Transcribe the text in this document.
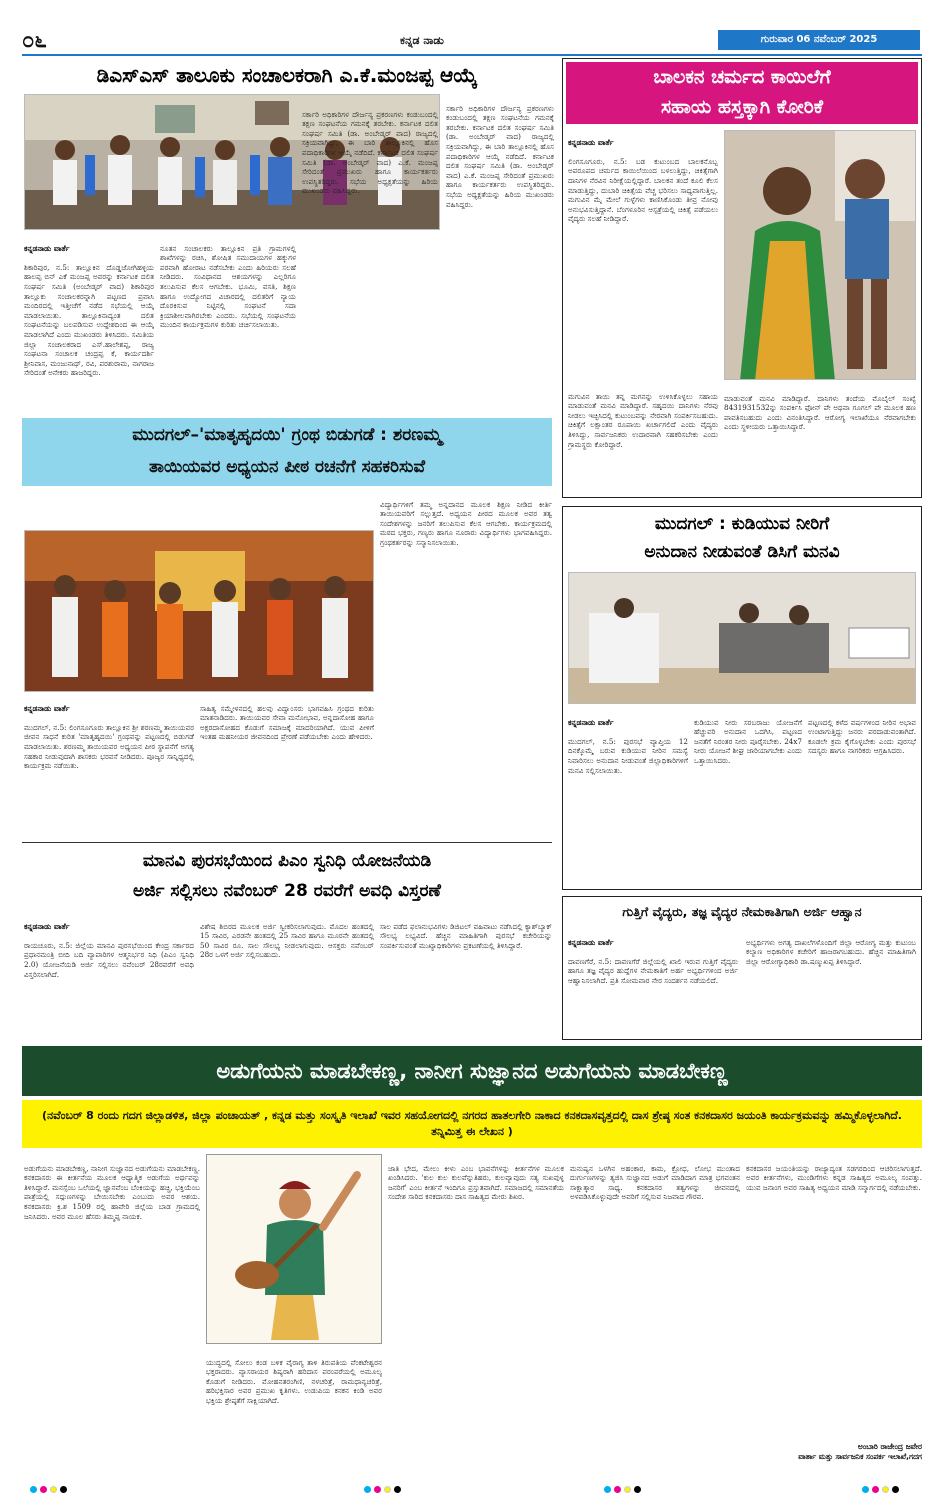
೦೬	ಕನ್ನಡ ನಾಡು	ಗುರುವಾರ 06 ನವೆಂಬರ್ 2025
ಡಿಎಸ್‌ಎಸ್ ತಾಲೂಕು ಸಂಚಾಲಕರಾಗಿ ಎ.ಕೆ.ಮಂಜಪ್ಪ ಆಯ್ಕೆ

ಕನ್ನಡನಾಡು ವಾರ್ತೆ

ಶಿಕಾರಿಪುರ, ನ.5: ತಾಲ್ಲೂಕಿನ ದೊಡ್ಡಜೋಗಿಹಳ್ಳಿಯ ಹಾಲಪ್ಪ ಬಿನ್ ಎಕೆ ಮಂಜಪ್ಪ ಅವರನ್ನು ಕರ್ನಾಟಕ ದಲಿತ ಸಂಘರ್ಷ ಸಮಿತಿ (ಅಂಬೇಡ್ಕರ್ ವಾದ) ಶಿಕಾರಿಪುರ ತಾಲ್ಲೂಕು ಸಂಚಾಲಕರನ್ನಾಗಿ ಪಟ್ಟಣದ ಪ್ರವಾಸಿ ಮಂದಿರದಲ್ಲಿ ಇತ್ತೀಚೆಗೆ ನಡೆದ ಸಭೆಯಲ್ಲಿ ಆಯ್ಕೆ ಮಾಡಲಾಯಿತು. ತಾಲ್ಲೂಕಿನಾದ್ಯಂತ ದಲಿತ ಸಂಘಟನೆಯನ್ನು ಬಲಪಡಿಸುವ ಉದ್ದೇಶದಿಂದ ಈ ಆಯ್ಕೆ ಮಾಡಲಾಗಿದೆ ಎಂದು ಮುಖಂಡರು ತಿಳಿಸಿದರು. ಸಮಿತಿಯ ಜಿಲ್ಲಾ ಸಂಚಾಲಕರಾದ ಎಸ್.ಹಾಲೇಶಪ್ಪ, ರಾಜ್ಯ ಸಂಘಟನಾ ಸಂಚಾಲಕ ಚಂದ್ರಪ್ಪ ಕೆ, ಕಾರ್ಯದರ್ಶಿ ಶ್ರೀನಿವಾಸ, ಮಂಜುನಾಥ್, ರವಿ, ಪರಶುರಾಮ, ನಾಗರಾಜ ಸೇರಿದಂತೆ ಅನೇಕರು ಹಾಜರಿದ್ದರು.

ನೂತನ ಸಂಚಾಲಕರು ತಾಲ್ಲೂಕಿನ ಪ್ರತಿ ಗ್ರಾಮಗಳಲ್ಲಿ ಶಾಖೆಗಳನ್ನು ರಚಿಸಿ, ಶೋಷಿತ ಸಮುದಾಯಗಳ ಹಕ್ಕುಗಳ ಪರವಾಗಿ ಹೋರಾಟ ನಡೆಸಬೇಕು ಎಂದು ಹಿರಿಯರು ಸಲಹೆ ನೀಡಿದರು. ಸಂವಿಧಾನದ ಆಶಯಗಳನ್ನು ಎಲ್ಲರಿಗೂ ತಲುಪಿಸುವ ಕೆಲಸ ಆಗಬೇಕು. ಭೂಮಿ, ವಸತಿ, ಶಿಕ್ಷಣ ಹಾಗೂ ಉದ್ಯೋಗದ ವಿಚಾರದಲ್ಲಿ ದಲಿತರಿಗೆ ನ್ಯಾಯ ದೊರಕಿಸುವ ನಿಟ್ಟಿನಲ್ಲಿ ಸಂಘಟನೆ ಸದಾ ಕ್ರಿಯಾಶೀಲವಾಗಿರಬೇಕು ಎಂದರು. ಸಭೆಯಲ್ಲಿ ಸಂಘಟನೆಯ ಮುಂದಿನ ಕಾರ್ಯಕ್ರಮಗಳ ಕುರಿತು ಚರ್ಚಿಸಲಾಯಿತು.

ಸರ್ಕಾರಿ ಅಧಿಕಾರಿಗಳ ದೌರ್ಜನ್ಯ ಪ್ರಕರಣಗಳು ಕಂಡುಬಂದಲ್ಲಿ ತಕ್ಷಣ ಸಂಘಟನೆಯ ಗಮನಕ್ಕೆ ತರಬೇಕು. ಕರ್ನಾಟಕ ದಲಿತ ಸಂಘರ್ಷ ಸಮಿತಿ (ಡಾ. ಅಂಬೇಡ್ಕರ್ ವಾದ) ರಾಜ್ಯದಲ್ಲಿ ಸಕ್ರಿಯವಾಗಿದ್ದು, ಈ ಬಾರಿ ತಾಲ್ಲೂಕಿನಲ್ಲಿ ಹೊಸ ಪದಾಧಿಕಾರಿಗಳ ಆಯ್ಕೆ ನಡೆದಿದೆ. ಕರ್ನಾಟಕ ದಲಿತ ಸಂಘರ್ಷ ಸಮಿತಿ (ಡಾ. ಅಂಬೇಡ್ಕರ್ ವಾದ) ಎ.ಕೆ. ಮಂಜಪ್ಪ ಸೇರಿದಂತೆ ಪ್ರಮುಖರು ಹಾಗೂ ಕಾರ್ಯಕರ್ತರು ಉಪಸ್ಥಿತರಿದ್ದರು. ಸಭೆಯ ಅಧ್ಯಕ್ಷತೆಯನ್ನು ಹಿರಿಯ ಮುಖಂಡರು ವಹಿಸಿದ್ದರು.

ಸರ್ಕಾರಿ ಅಧಿಕಾರಿಗಳ ದೌರ್ಜನ್ಯ ಪ್ರಕರಣಗಳು ಕಂಡುಬಂದಲ್ಲಿ ತಕ್ಷಣ ಸಂಘಟನೆಯ ಗಮನಕ್ಕೆ ತರಬೇಕು. ಕರ್ನಾಟಕ ದಲಿತ ಸಂಘರ್ಷ ಸಮಿತಿ (ಡಾ. ಅಂಬೇಡ್ಕರ್ ವಾದ) ರಾಜ್ಯದಲ್ಲಿ ಸಕ್ರಿಯವಾಗಿದ್ದು, ಈ ಬಾರಿ ತಾಲ್ಲೂಕಿನಲ್ಲಿ ಹೊಸ ಪದಾಧಿಕಾರಿಗಳ ಆಯ್ಕೆ ನಡೆದಿದೆ. ಕರ್ನಾಟಕ ದಲಿತ ಸಂಘರ್ಷ ಸಮಿತಿ (ಡಾ. ಅಂಬೇಡ್ಕರ್ ವಾದ) ಎ.ಕೆ. ಮಂಜಪ್ಪ ಸೇರಿದಂತೆ ಪ್ರಮುಖರು ಹಾಗೂ ಕಾರ್ಯಕರ್ತರು ಉಪಸ್ಥಿತರಿದ್ದರು. ಸಭೆಯ ಅಧ್ಯಕ್ಷತೆಯನ್ನು ಹಿರಿಯ ಮುಖಂಡರು ವಹಿಸಿದ್ದರು.

ಬಾಲಕನ ಚರ್ಮದ ಕಾಯಿಲೆಗೆ
ಸಹಾಯ ಹಸ್ತಕ್ಕಾಗಿ ಕೋರಿಕೆ

ಕನ್ನಡನಾಡು ವಾರ್ತೆ

ಲಿಂಗಸೂಗೂರು, ನ.5: ಬಡ ಕುಟುಂಬದ ಬಾಲಕನೊಬ್ಬ ಅಪರೂಪದ ಚರ್ಮದ ಕಾಯಿಲೆಯಿಂದ ಬಳಲುತ್ತಿದ್ದು, ಚಿಕಿತ್ಸೆಗಾಗಿ ದಾನಿಗಳ ನೆರವಿನ ನಿರೀಕ್ಷೆಯಲ್ಲಿದ್ದಾರೆ. ಬಾಲಕನ ತಂದೆ ಕೂಲಿ ಕೆಲಸ ಮಾಡುತ್ತಿದ್ದು, ದುಬಾರಿ ಚಿಕಿತ್ಸೆಯ ವೆಚ್ಚ ಭರಿಸಲು ಸಾಧ್ಯವಾಗುತ್ತಿಲ್ಲ. ಮಗುವಿನ ಮೈ ಮೇಲೆ ಗುಳ್ಳೆಗಳು ಕಾಣಿಸಿಕೊಂಡು ತೀವ್ರ ನೋವು ಅನುಭವಿಸುತ್ತಿದ್ದಾನೆ. ಬೆಂಗಳೂರಿನ ಆಸ್ಪತ್ರೆಯಲ್ಲಿ ಚಿಕಿತ್ಸೆ ಪಡೆಯಲು ವೈದ್ಯರು ಸಲಹೆ ನೀಡಿದ್ದಾರೆ.

ಮಗುವಿನ ತಾಯಿ ತನ್ನ ಮಗನನ್ನು ಉಳಿಸಿಕೊಳ್ಳಲು ಸಹಾಯ ಮಾಡುವಂತೆ ಮನವಿ ಮಾಡಿದ್ದಾರೆ. ಸಹೃದಯಿ ದಾನಿಗಳು ನೆರವು ನೀಡಲು ಇಚ್ಛಿಸಿದಲ್ಲಿ ಕುಟುಂಬವನ್ನು ನೇರವಾಗಿ ಸಂಪರ್ಕಿಸಬಹುದು. ಚಿಕಿತ್ಸೆಗೆ ಲಕ್ಷಾಂತರ ರೂಪಾಯಿ ಖರ್ಚಾಗಲಿದೆ ಎಂದು ವೈದ್ಯರು ತಿಳಿಸಿದ್ದು, ಸಾರ್ವಜನಿಕರು ಉದಾರವಾಗಿ ಸಹಕರಿಸಬೇಕು ಎಂದು ಗ್ರಾಮಸ್ಥರು ಕೋರಿದ್ದಾರೆ.

ಮಾಡುವಂತೆ ಮನವಿ ಮಾಡಿದ್ದಾರೆ. ದಾನಿಗಳು ತಂದೆಯ ಮೊಬೈಲ್ ಸಂಖ್ಯೆ 8431931532ನ್ನು ಸಂಪರ್ಕಿಸಿ ಫೋನ್ ಪೇ ಅಥವಾ ಗೂಗಲ್ ಪೇ ಮೂಲಕ ಹಣ ಪಾವತಿಸಬಹುದು ಎಂದು ವಿನಂತಿಸಿದ್ದಾರೆ. ಆರೋಗ್ಯ ಇಲಾಖೆಯೂ ನೆರವಾಗಬೇಕು ಎಂದು ಸ್ಥಳೀಯರು ಒತ್ತಾಯಿಸಿದ್ದಾರೆ.

ಮುದಗಲ್–'ಮಾತೃಹೃದಯಿ' ಗ್ರಂಥ ಬಿಡುಗಡೆ : ಶರಣಮ್ಮ
ತಾಯಿಯವರ ಅಧ್ಯಯನ ಪೀಠ ರಚನೆಗೆ ಸಹಕರಿಸುವೆ

ಕನ್ನಡನಾಡು ವಾರ್ತೆ

ಮುದಗಲ್, ನ.5: ಲಿಂಗಸೂಗೂರು ತಾಲ್ಲೂಕಿನ ಶ್ರೀ ಶರಣಮ್ಮ ತಾಯಿಯವರ ಜೀವನ ಸಾಧನೆ ಕುರಿತ 'ಮಾತೃಹೃದಯಿ' ಗ್ರಂಥವನ್ನು ಪಟ್ಟಣದಲ್ಲಿ ಬಿಡುಗಡೆ ಮಾಡಲಾಯಿತು. ಶರಣಮ್ಮ ತಾಯಿಯವರ ಅಧ್ಯಯನ ಪೀಠ ಸ್ಥಾಪನೆಗೆ ಅಗತ್ಯ ಸಹಕಾರ ನೀಡುವುದಾಗಿ ಶಾಸಕರು ಭರವಸೆ ನೀಡಿದರು. ಪೂಜ್ಯರ ಸಾನ್ನಿಧ್ಯದಲ್ಲಿ ಕಾರ್ಯಕ್ರಮ ನಡೆಯಿತು.

ಸಾಹಿತ್ಯ ಸಮ್ಮೇಳನದಲ್ಲಿ ಹಲವು ವಿದ್ವಾಂಸರು ಭಾಗವಹಿಸಿ ಗ್ರಂಥದ ಕುರಿತು ಮಾತನಾಡಿದರು. ತಾಯಿಯವರ ಸೇವಾ ಮನೋಭಾವ, ಅನ್ನದಾಸೋಹ ಹಾಗೂ ಅಕ್ಷರದಾಸೋಹದ ಕೊಡುಗೆ ಸಮಾಜಕ್ಕೆ ಮಾದರಿಯಾಗಿದೆ. ಯುವ ಪೀಳಿಗೆ ಇಂತಹ ಮಹನೀಯರ ಜೀವನದಿಂದ ಪ್ರೇರಣೆ ಪಡೆಯಬೇಕು ಎಂದು ಹೇಳಿದರು.

ವಿದ್ಯಾರ್ಥಿಗಳಿಗೆ ತಮ್ಮ ಅನ್ನದಾನದ ಮೂಲಕ ಶಿಕ್ಷಣ ನೀಡಿದ ಕೀರ್ತಿ ತಾಯಿಯವರಿಗೆ ಸಲ್ಲುತ್ತದೆ. ಅಧ್ಯಯನ ಪೀಠದ ಮೂಲಕ ಅವರ ತತ್ವ ಸಂದೇಶಗಳನ್ನು ಜನರಿಗೆ ತಲುಪಿಸುವ ಕೆಲಸ ಆಗಬೇಕು. ಕಾರ್ಯಕ್ರಮದಲ್ಲಿ ಮಠದ ಭಕ್ತರು, ಗಣ್ಯರು ಹಾಗೂ ನೂರಾರು ವಿದ್ಯಾರ್ಥಿಗಳು ಭಾಗವಹಿಸಿದ್ದರು. ಗ್ರಂಥಕರ್ತರನ್ನು ಸನ್ಮಾನಿಸಲಾಯಿತು.

ಮುದಗಲ್ : ಕುಡಿಯುವ ನೀರಿಗೆ
ಅನುದಾನ ನೀಡುವಂತೆ ಡಿಸಿಗೆ ಮನವಿ

ಕನ್ನಡನಾಡು ವಾರ್ತೆ

ಮುದಗಲ್, ನ.5: ಪುರಸಭೆ ವ್ಯಾಪ್ತಿಯ 12 ದಿನಕ್ಕೊಮ್ಮೆ ಬರುವ ಕುಡಿಯುವ ನೀರಿನ ಸಮಸ್ಯೆ ನಿವಾರಿಸಲು ಅನುದಾನ ನೀಡುವಂತೆ ಜಿಲ್ಲಾಧಿಕಾರಿಗಳಿಗೆ ಮನವಿ ಸಲ್ಲಿಸಲಾಯಿತು.

ಕುಡಿಯುವ ನೀರು ಸರಬರಾಜು ಯೋಜನೆಗೆ ಹೆಚ್ಚುವರಿ ಅನುದಾನ ಒದಗಿಸಿ, ಪಟ್ಟಣದ ಜನತೆಗೆ ನಿರಂತರ ನೀರು ಪೂರೈಸಬೇಕು. 24x7 ನೀರು ಯೋಜನೆ ಶೀಘ್ರ ಜಾರಿಯಾಗಬೇಕು ಎಂದು ಒತ್ತಾಯಿಸಿದರು.

ಪಟ್ಟಣದಲ್ಲಿ ಕಳೆದ ವರ್ಷಗಳಿಂದ ನೀರಿನ ಅಭಾವ ಉಂಟಾಗುತ್ತಿದ್ದು ಜನರು ಪರದಾಡುವಂತಾಗಿದೆ. ಕೂಡಲೇ ಕ್ರಮ ಕೈಗೊಳ್ಳಬೇಕು ಎಂದು ಪುರಸಭೆ ಸದಸ್ಯರು ಹಾಗೂ ನಾಗರಿಕರು ಆಗ್ರಹಿಸಿದರು.

ಮಾನವಿ ಪುರಸಭೆಯಿಂದ ಪಿಎಂ ಸ್ವನಿಧಿ ಯೋಜನೆಯಡಿ
ಅರ್ಜಿ ಸಲ್ಲಿಸಲು ನವೆಂಬರ್ 28 ರವರೆಗೆ ಅವಧಿ ವಿಸ್ತರಣೆ

ಕನ್ನಡನಾಡು ವಾರ್ತೆ

ರಾಯಚೂರು, ನ.5: ಜಿಲ್ಲೆಯ ಮಾನವಿ ಪುರಸಭೆಯಿಂದ ಕೇಂದ್ರ ಸರ್ಕಾರದ ಪ್ರಧಾನಮಂತ್ರಿ ಬೀದಿ ಬದಿ ವ್ಯಾಪಾರಿಗಳ ಆತ್ಮನಿರ್ಭರ ನಿಧಿ (ಪಿಎಂ ಸ್ವನಿಧಿ 2.0) ಯೋಜನೆಯಡಿ ಅರ್ಜಿ ಸಲ್ಲಿಸಲು ನವೆಂಬರ್ 28ರವರೆಗೆ ಅವಧಿ ವಿಸ್ತರಿಸಲಾಗಿದೆ.

ವಿಶೇಷ ಶಿಬಿರದ ಮೂಲಕ ಅರ್ಜಿ ಸ್ವೀಕರಿಸಲಾಗುವುದು. ಮೊದಲ ಹಂತದಲ್ಲಿ 15 ಸಾವಿರ, ಎರಡನೇ ಹಂತದಲ್ಲಿ 25 ಸಾವಿರ ಹಾಗೂ ಮೂರನೇ ಹಂತದಲ್ಲಿ 50 ಸಾವಿರ ರೂ. ಸಾಲ ಸೌಲಭ್ಯ ನೀಡಲಾಗುವುದು. ಆಸಕ್ತರು ನವೆಂಬರ್ 28ರ ಒಳಗೆ ಅರ್ಜಿ ಸಲ್ಲಿಸಬಹುದು.

ಸಾಲ ಪಡೆದ ಫಲಾನುಭವಿಗಳು ಡಿಜಿಟಲ್ ವಹಿವಾಟು ನಡೆಸಿದಲ್ಲಿ ಕ್ಯಾಶ್‌ಬ್ಯಾಕ್ ಸೌಲಭ್ಯ ಲಭ್ಯವಿದೆ. ಹೆಚ್ಚಿನ ಮಾಹಿತಿಗಾಗಿ ಪುರಸಭೆ ಕಚೇರಿಯನ್ನು ಸಂಪರ್ಕಿಸುವಂತೆ ಮುಖ್ಯಾಧಿಕಾರಿಗಳು ಪ್ರಕಟಣೆಯಲ್ಲಿ ತಿಳಿಸಿದ್ದಾರೆ.

ಗುತ್ತಿಗೆ ವೈದ್ಯರು, ತಜ್ಞ ವೈದ್ಯರ ನೇಮಕಾತಿಗಾಗಿ ಅರ್ಜಿ ಆಹ್ವಾನ

ಕನ್ನಡನಾಡು ವಾರ್ತೆ

ದಾವಣಗೆರೆ, ನ.5: ದಾವಣಗೆರೆ ಜಿಲ್ಲೆಯಲ್ಲಿ ಖಾಲಿ ಇರುವ ಗುತ್ತಿಗೆ ವೈದ್ಯರು ಹಾಗೂ ತಜ್ಞ ವೈದ್ಯರ ಹುದ್ದೆಗಳ ನೇಮಕಾತಿಗೆ ಅರ್ಹ ಅಭ್ಯರ್ಥಿಗಳಿಂದ ಅರ್ಜಿ ಆಹ್ವಾನಿಸಲಾಗಿದೆ. ಪ್ರತಿ ಸೋಮವಾರ ನೇರ ಸಂದರ್ಶನ ನಡೆಯಲಿದೆ.

ಅಭ್ಯರ್ಥಿಗಳು ಅಗತ್ಯ ದಾಖಲೆಗಳೊಂದಿಗೆ ಜಿಲ್ಲಾ ಆರೋಗ್ಯ ಮತ್ತು ಕುಟುಂಬ ಕಲ್ಯಾಣ ಅಧಿಕಾರಿಗಳ ಕಚೇರಿಗೆ ಹಾಜರಾಗಬಹುದು. ಹೆಚ್ಚಿನ ಮಾಹಿತಿಗಾಗಿ ಜಿಲ್ಲಾ ಆರೋಗ್ಯಾಧಿಕಾರಿ ಡಾ.ಷಣ್ಮುಖಪ್ಪ ತಿಳಿಸಿದ್ದಾರೆ.

ಅಡುಗೆಯನು ಮಾಡಬೇಕಣ್ಣ, ನಾನೀಗ ಸುಜ್ಞಾನದ ಅಡುಗೆಯನು ಮಾಡಬೇಕಣ್ಣ
(ನವೆಂಬರ್ 8 ರಂದು ಗದಗ ಜಿಲ್ಲಾಡಳಿತ, ಜಿಲ್ಲಾ ಪಂಚಾಯತ್ , ಕನ್ನಡ ಮತ್ತು ಸಂಸ್ಕೃತಿ ಇಲಾಖೆ ಇವರ ಸಹಯೋಗದಲ್ಲಿ ನಗರದ ಹಾತಲಗೇರಿ ನಾಕಾದ ಕನಕದಾಸವೃತ್ತದಲ್ಲಿ ದಾಸ ಶ್ರೇಷ್ಠ ಸಂತ ಕನಕದಾಸರ ಜಯಂತಿ ಕಾರ್ಯಕ್ರಮವನ್ನು ಹಮ್ಮಿಕೊಳ್ಳಲಾಗಿದೆ. ತನ್ನಿಮಿತ್ತ ಈ ಲೇಖನ )

ಅಡುಗೆಯನು ಮಾಡಬೇಕಣ್ಣ, ನಾನೀಗ ಸುಜ್ಞಾನದ ಅಡುಗೆಯನು ಮಾಡಬೇಕಣ್ಣ. ಕನಕದಾಸರು ಈ ಕೀರ್ತನೆಯ ಮೂಲಕ ಆಧ್ಯಾತ್ಮಿಕ ಅಡುಗೆಯ ಅರ್ಥವನ್ನು ತಿಳಿಸಿದ್ದಾರೆ. ಮನಸ್ಸೆಂಬ ಒಲೆಯಲ್ಲಿ ಜ್ಞಾನವೆಂಬ ಬೆಂಕಿಯನ್ನು ಹಚ್ಚಿ, ಭಕ್ತಿಯೆಂಬ ಪಾತ್ರೆಯಲ್ಲಿ ಸದ್ಗುಣಗಳನ್ನು ಬೇಯಿಸಬೇಕು ಎಂಬುದು ಅವರ ಆಶಯ. ಕನಕದಾಸರು ಕ್ರಿ.ಶ 1509 ರಲ್ಲಿ ಹಾವೇರಿ ಜಿಲ್ಲೆಯ ಬಾಡ ಗ್ರಾಮದಲ್ಲಿ ಜನಿಸಿದರು. ಅವರ ಮೂಲ ಹೆಸರು ತಿಮ್ಮಪ್ಪ ನಾಯಕ.

ಯುದ್ಧದಲ್ಲಿ ಸೋಲು ಕಂಡ ಬಳಿಕ ವೈರಾಗ್ಯ ತಾಳಿ ತಿರುಪತಿಯ ವೆಂಕಟೇಶ್ವರನ ಭಕ್ತರಾದರು. ವ್ಯಾಸರಾಯರ ಶಿಷ್ಯರಾಗಿ ಹರಿದಾಸ ಪರಂಪರೆಯಲ್ಲಿ ಅಮೂಲ್ಯ ಕೊಡುಗೆ ನೀಡಿದರು. ಮೋಹನತರಂಗಿಣಿ, ನಳಚರಿತ್ರೆ, ರಾಮಧಾನ್ಯಚರಿತ್ರೆ, ಹರಿಭಕ್ತಿಸಾರ ಅವರ ಪ್ರಮುಖ ಕೃತಿಗಳು. ಉಡುಪಿಯ ಕನಕನ ಕಿಂಡಿ ಅವರ ಭಕ್ತಿಯ ಶ್ರೇಷ್ಠತೆಗೆ ಸಾಕ್ಷಿಯಾಗಿದೆ.

ಜಾತಿ ಭೇದ, ಮೇಲು ಕೀಳು ಎಂಬ ಭಾವನೆಗಳನ್ನು ಕೀರ್ತನೆಗಳ ಮೂಲಕ ಖಂಡಿಸಿದರು. 'ಕುಲ ಕುಲ ಕುಲವೆನ್ನುತಿಹರು, ಕುಲವ್ಯಾವುದು ಸತ್ಯ ಸುಖವುಳ್ಳ ಜನರಿಗೆ' ಎಂಬ ಕೀರ್ತನೆ ಇಂದಿಗೂ ಪ್ರಸ್ತುತವಾಗಿದೆ. ಸಮಾಜದಲ್ಲಿ ಸಮಾನತೆಯ ಸಂದೇಶ ಸಾರಿದ ಕನಕದಾಸರು ದಾಸ ಸಾಹಿತ್ಯದ ಮೇರು ಶಿಖರ.

ಮನುಷ್ಯನ ಒಳಗಿನ ಅಹಂಕಾರ, ಕಾಮ, ಕ್ರೋಧ, ಲೋಭ ಮುಂತಾದ ದುರ್ಗುಣಗಳನ್ನು ತ್ಯಜಿಸಿ ಸುಜ್ಞಾನದ ಅಡುಗೆ ಮಾಡಿದಾಗ ಮಾತ್ರ ಭಗವಂತನ ಸಾಕ್ಷಾತ್ಕಾರ ಸಾಧ್ಯ. ಕನಕದಾಸರ ತತ್ವಗಳನ್ನು ಜೀವನದಲ್ಲಿ ಅಳವಡಿಸಿಕೊಳ್ಳುವುದೇ ಅವರಿಗೆ ಸಲ್ಲಿಸುವ ನಿಜವಾದ ಗೌರವ.

ಕನಕದಾಸರ ಜಯಂತಿಯನ್ನು ರಾಜ್ಯಾದ್ಯಂತ ಸಡಗರದಿಂದ ಆಚರಿಸಲಾಗುತ್ತದೆ. ಅವರ ಕೀರ್ತನೆಗಳು, ಮುಂಡಿಗೆಗಳು ಕನ್ನಡ ಸಾಹಿತ್ಯದ ಅಮೂಲ್ಯ ಸಂಪತ್ತು. ಯುವ ಜನಾಂಗ ಅವರ ಸಾಹಿತ್ಯ ಅಧ್ಯಯನ ಮಾಡಿ ಸನ್ಮಾರ್ಗದಲ್ಲಿ ನಡೆಯಬೇಕು.

ಅಂಬಾರಿ ರಾಜೇಂದ್ರ ಜವೇರ
ವಾರ್ತಾ ಮತ್ತು ಸಾರ್ವಜನಿಕ ಸಂಪರ್ಕ ಇಲಾಖೆ,ಗದಗ
